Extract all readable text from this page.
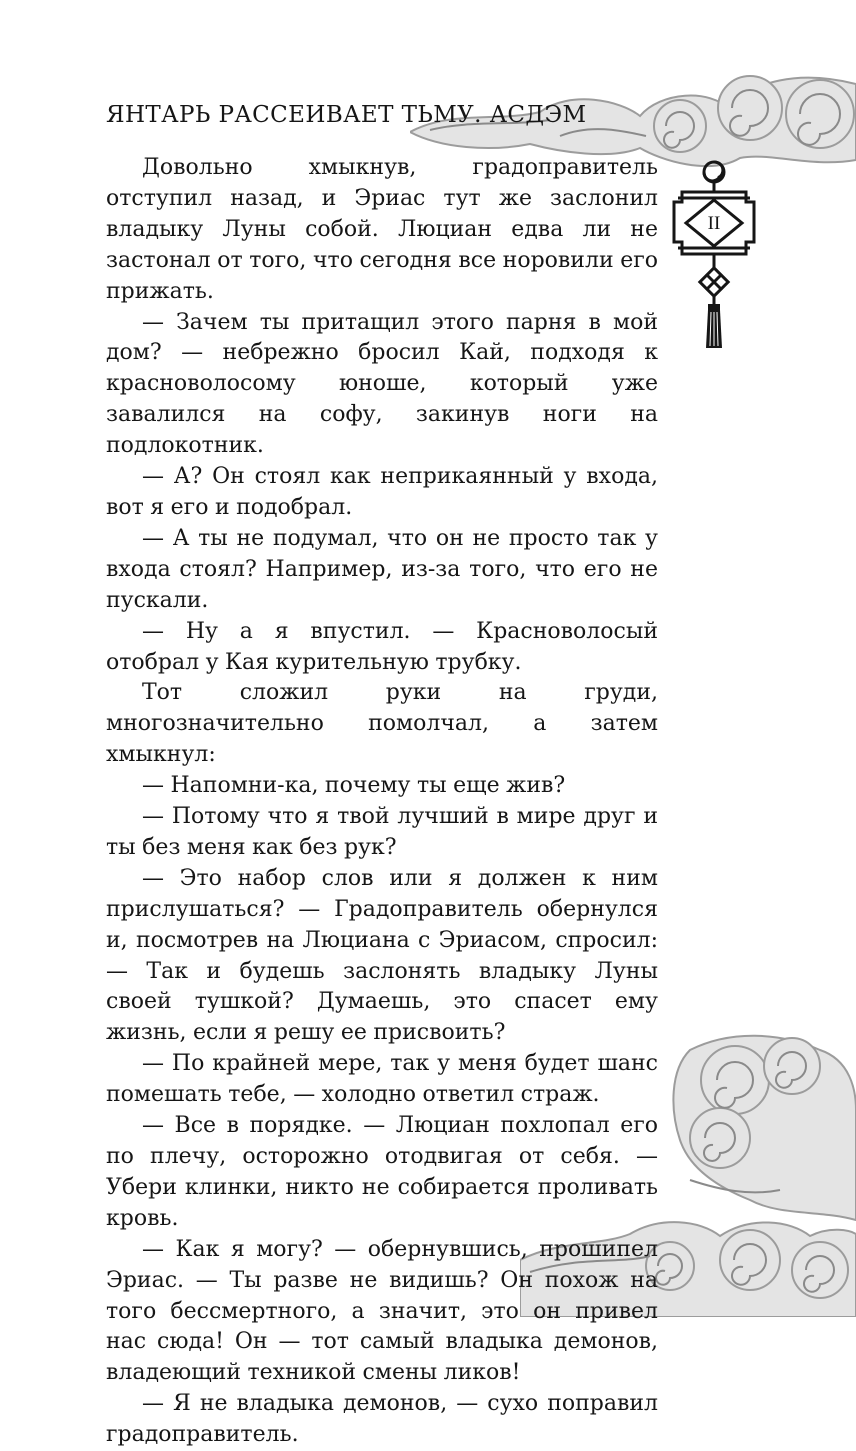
II
ЯНТАРЬ РАССЕИВАЕТ ТЬМУ. АСДЭМ

Довольно хмыкнув, градоправитель отступил назад, и Эриас тут же заслонил владыку Луны собой. Люциан едва ли не застонал от того, что сегодня все норовили его прижать.

— Зачем ты притащил этого парня в мой дом? — небрежно бросил Кай, подходя к красноволосому юноше, который уже завалился на софу, закинув ноги на подлокотник.

— А? Он стоял как неприкаянный у входа, вот я его и подобрал.

— А ты не подумал, что он не просто так у входа стоял? Например, из-за того, что его не пускали.

— Ну а я впустил. — Красноволосый отобрал у Кая курительную трубку.

Тот сложил руки на груди, многозначительно помолчал, а затем хмыкнул:

— Напомни-ка, почему ты еще жив?

— Потому что я твой лучший в мире друг и ты без меня как без рук?

— Это набор слов или я должен к ним прислушаться? — Градоправитель обернулся и, посмотрев на Люциана с Эриасом, спросил: — Так и будешь заслонять владыку Луны своей тушкой? Думаешь, это спасет ему жизнь, если я решу ее присвоить?

— По крайней мере, так у меня будет шанс помешать тебе, — холодно ответил страж.

— Все в порядке. — Люциан похлопал его по плечу, осторожно отодвигая от себя. — Убери клинки, никто не собирается проливать кровь.

— Как я могу? — обернувшись, прошипел Эриас. — Ты разве не видишь? Он похож на того бессмертного, а значит, это он привел нас сюда! Он — тот самый владыка демонов, владеющий техникой смены ликов!

— Я не владыка демонов, — сухо поправил градоправитель.
